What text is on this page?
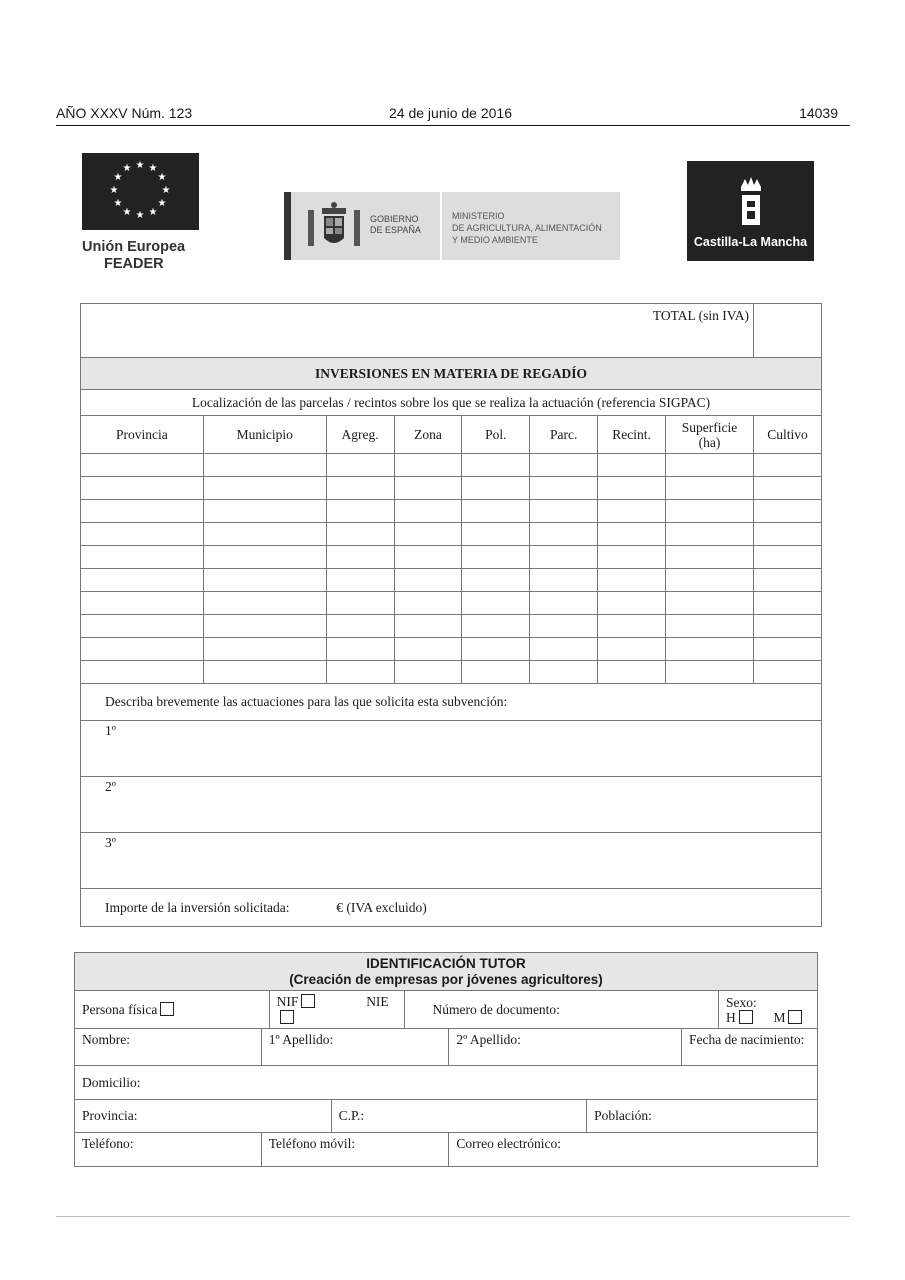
AÑO XXXV Núm. 123	24 de junio de 2016	14039
★ ★
★
★
★
★
★
★
★
★
★
★
Unión Europea
FEADER
GOBIERNO
DE ESPAÑA
MINISTERIO
DE AGRICULTURA, ALIMENTACIÓN
Y MEDIO AMBIENTE	Castilla-La Mancha
TOTAL (sin IVA)								
INVERSIONES EN MATERIA DE REGADÍO								
Localización de las parcelas / recintos sobre los que se realiza la actuación (referencia SIGPAC)								
Provincia	Municipio	Agreg.	Zona	Pol.	Parc.	Recint.	Superficie (ha)	Cultivo

Describa brevemente las actuaciones para las que solicita esta subvención:								
1º								
2º								
3º								
Importe de la inversión solicitada: € (IVA excluido)								
IDENTIFICACIÓN TUTOR
(Creación de empresas por jóvenes agricultores)								

Persona física		NIF NIE		Número de documento:				Sexo:
H M

Nombre:	1º Apellido:				2º Apellido:		Fecha de nacimiento:	
Domicilio:								
Provincia:			C.P.:			Población:		
Teléfono:	Teléfono móvil:				Correo electrónico:			
